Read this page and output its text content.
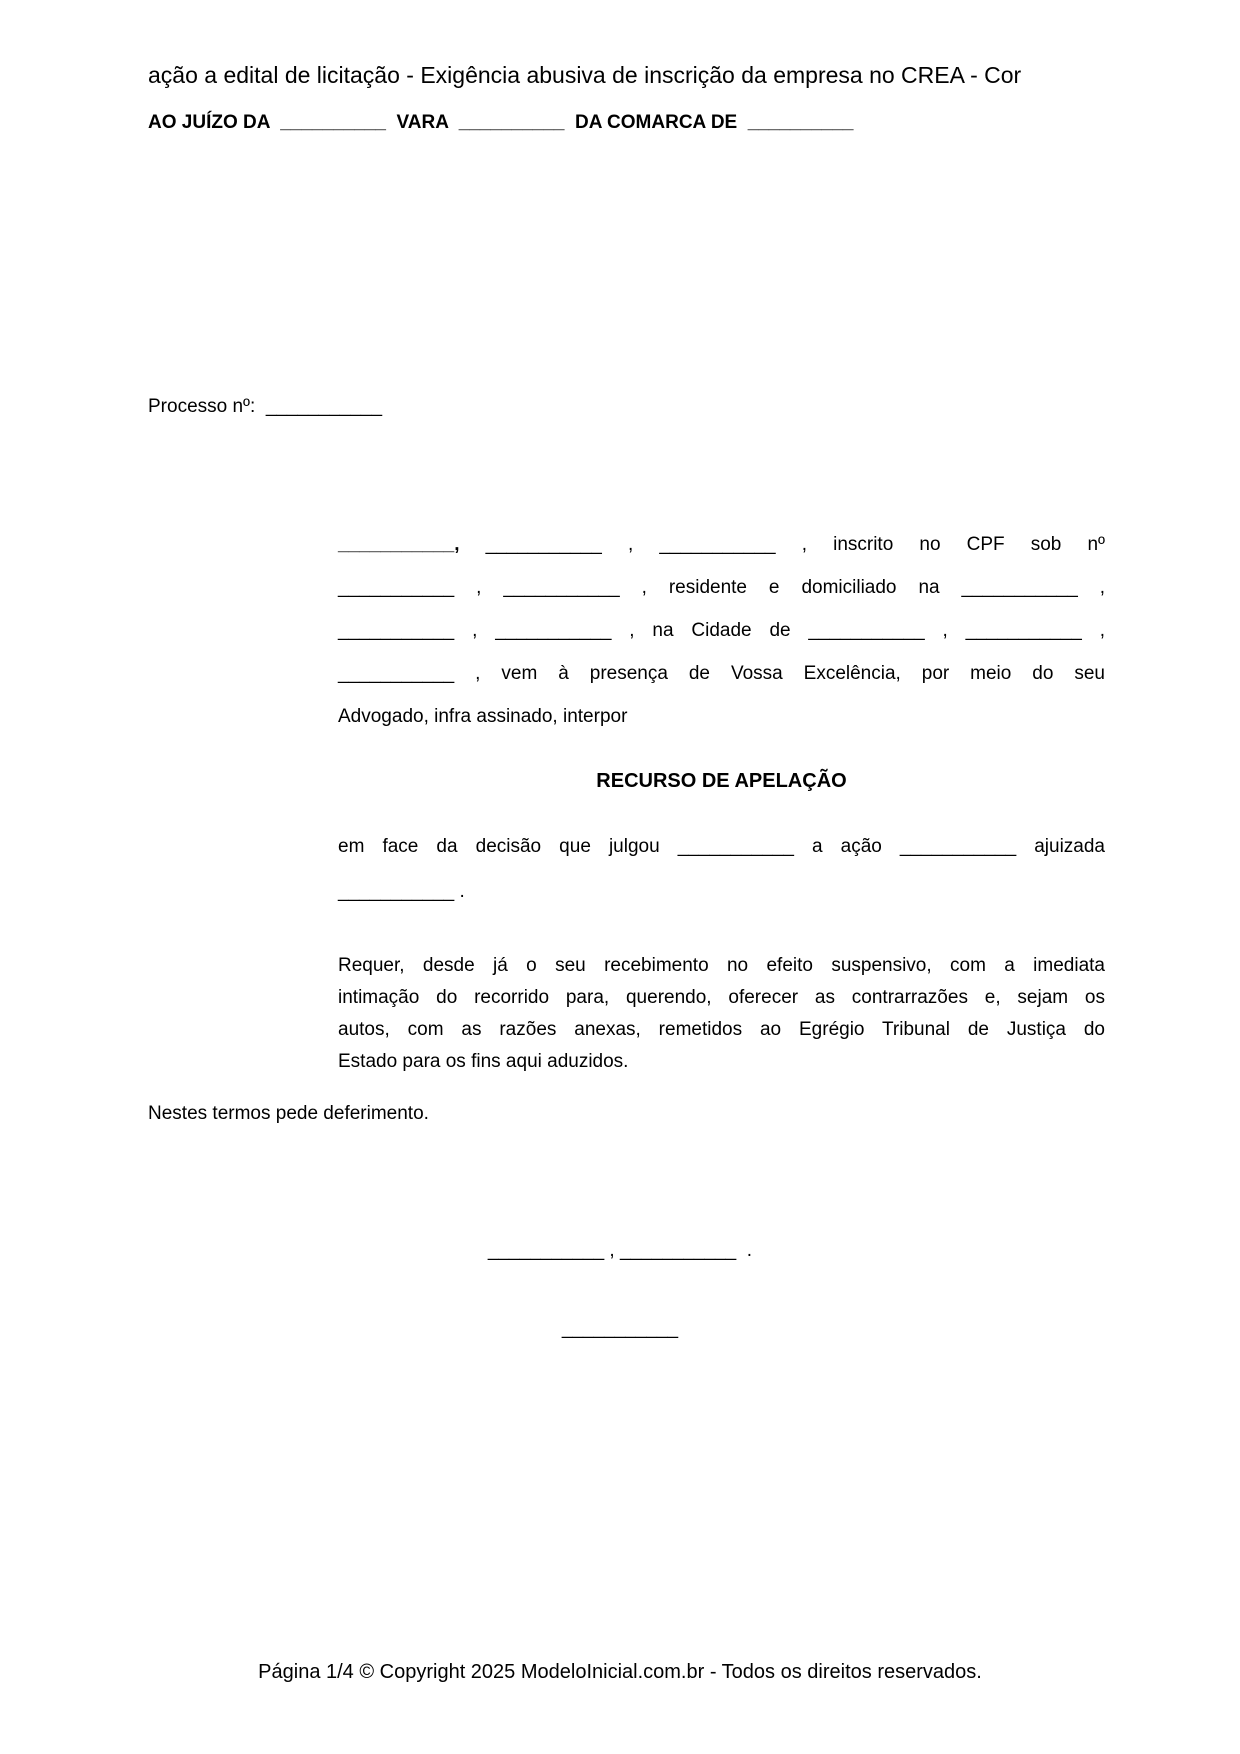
ação a edital de licitação - Exigência abusiva de inscrição da empresa no CREA - Cor
AO JUÍZO DA  __________  VARA  __________  DA COMARCA DE  __________
Processo nº:  ___________
___________, ___________ , ___________ , inscrito no CPF sob nº
___________ , ___________ , residente e domiciliado na ___________ ,
___________ , ___________ , na Cidade de ___________ , ___________ ,
___________ , vem à presença de Vossa Excelência, por meio do seu
Advogado, infra assinado, interpor
RECURSO DE APELAÇÃO
em face da decisão que julgou ___________ a ação ___________ ajuizada
___________ .
Requer, desde já o seu recebimento no efeito suspensivo, com a imediata
intimação do recorrido para, querendo, oferecer as contrarrazões e, sejam os
autos, com as razões anexas, remetidos ao Egrégio Tribunal de Justiça do
Estado para os fins aqui aduzidos.
Nestes termos pede deferimento.
___________ , ___________  .
___________
Página 1/4 © Copyright 2025 ModeloInicial.com.br - Todos os direitos reservados.
